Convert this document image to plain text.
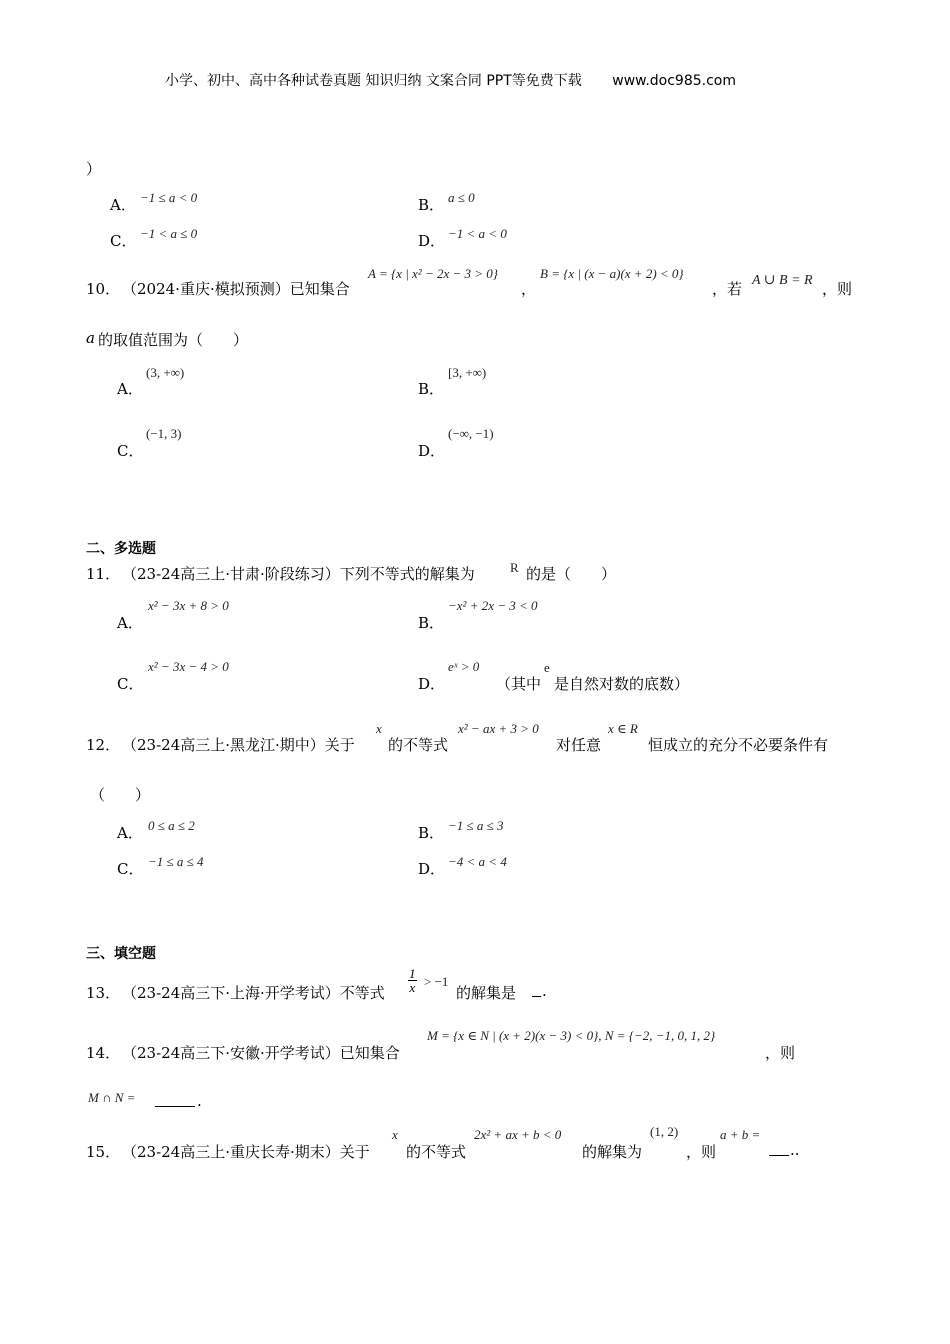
小学、初中、高中各种试卷真题 知识归纳 文案合同 PPT等免费下载 www.doc985.com
）
A． −1 ≤ a < 0	B． a ≤ 0
C． −1 < a ≤ 0	D． −1 < a < 0
10． （2024·重庆·模拟预测）已知集合
A = {x | x² − 2x − 3 > 0}
，
B = {x | (x − a)(x + 2) < 0}
，若 A ∪ B = R ，则
a 的取值范围为（　　）
A．
(3, +∞)
B．
[3, +∞)
C．
(−1, 3)
D．
(−∞, −1)
二、多选题
11． （23-24高三上·甘肃·阶段练习）下列不等式的解集为	R 的是（　　）
A．
x² − 3x + 8 > 0
B．
−x² + 2x − 3 < 0
C．
x² − 3x − 4 > 0
D．
eˣ > 0
（其中
e
是自然对数的底数）
12． （23-24高三上·黑龙江·期中）关于
x
的不等式
x² − ax + 3 > 0
对任意
x ∈ R
恒成立的充分不必要条件有
（　　）
A． 0 ≤ a ≤ 2	B． −1 ≤ a ≤ 3
C． −1 ≤ a ≤ 4	D． −4 < a < 4
三、填空题
13． （23-24高三下·上海·开学考试）不等式 $\frac{1}{x} > -1$
的解集是 .
14． （23-24高三下·安徽·开学考试）已知集合
M = {x ∈ N | (x + 2)(x − 3) < 0}, N = {−2, −1, 0, 1, 2}
，则
M ∩ N =	.
15． （23-24高三上·重庆长寿·期末）关于
x
的不等式
2x² + ax + b < 0
的解集为
(1, 2)
，则
a + b =
..
